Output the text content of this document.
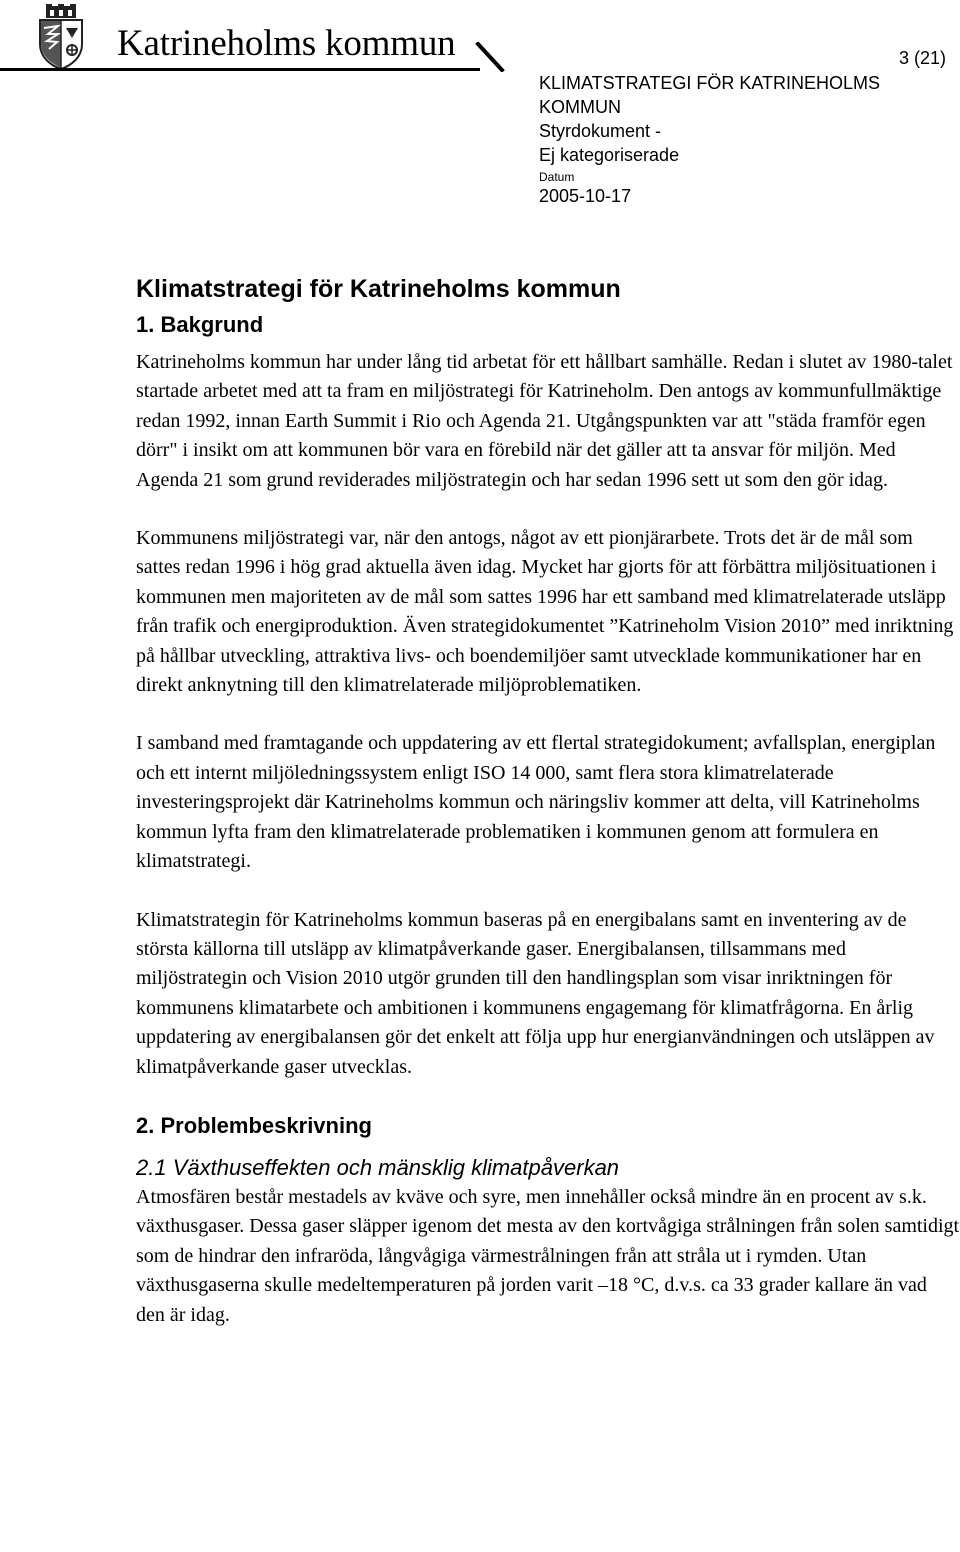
Katrineholms kommun	3 (21)
KLIMATSTRATEGI FÖR KATRINEHOLMS KOMMUN
Styrdokument -
Ej kategoriserade
Datum
2005-10-17
Klimatstrategi för Katrineholms kommun
1. Bakgrund

Katrineholms kommun har under lång tid arbetat för ett hållbart samhälle. Redan i slutet av 1980-talet startade arbetet med att ta fram en miljöstrategi för Katrineholm. Den antogs av kommunfullmäktige redan 1992, innan Earth Summit i Rio och Agenda 21. Utgångspunkten var att "städa framför egen dörr" i insikt om att kommunen bör vara en förebild när det gäller att ta ansvar för miljön. Med Agenda 21 som grund reviderades miljöstrategin och har sedan 1996 sett ut som den gör idag.

Kommunens miljöstrategi var, när den antogs, något av ett pionjärarbete. Trots det är de mål som sattes redan 1996 i hög grad aktuella även idag. Mycket har gjorts för att förbättra miljösituationen i kommunen men majoriteten av de mål som sattes 1996 har ett samband med klimatrelaterade utsläpp från trafik och energiproduktion. Även strategidokumentet ”Katrineholm Vision 2010” med inriktning på hållbar utveckling, attraktiva livs- och boendemiljöer samt utvecklade kommunikationer har en direkt anknytning till den klimatrelaterade miljöproblematiken.

I samband med framtagande och uppdatering av ett flertal strategidokument; avfallsplan, energiplan och ett internt miljöledningssystem enligt ISO 14 000, samt flera stora klimatrelaterade investeringsprojekt där Katrineholms kommun och näringsliv kommer att delta, vill Katrineholms kommun lyfta fram den klimatrelaterade problematiken i kommunen genom att formulera en klimatstrategi.

Klimatstrategin för Katrineholms kommun baseras på en energibalans samt en inventering av de största källorna till utsläpp av klimatpåverkande gaser. Energibalansen, tillsammans med miljöstrategin och Vision 2010 utgör grunden till den handlingsplan som visar inriktningen för kommunens klimatarbete och ambitionen i kommunens engagemang för klimatfrågorna. En årlig uppdatering av energibalansen gör det enkelt att följa upp hur energianvändningen och utsläppen av klimatpåverkande gaser utvecklas.

2. Problembeskrivning
2.1 Växthuseffekten och mänsklig klimatpåverkan

Atmosfären består mestadels av kväve och syre, men innehåller också mindre än en procent av s.k. växthusgaser. Dessa gaser släpper igenom det mesta av den kortvågiga strålningen från solen samtidigt som de hindrar den infraröda, långvågiga värmestrålningen från att stråla ut i rymden. Utan växthusgaserna skulle medeltemperaturen på jorden varit –18 °C, d.v.s. ca 33 grader kallare än vad den är idag.
